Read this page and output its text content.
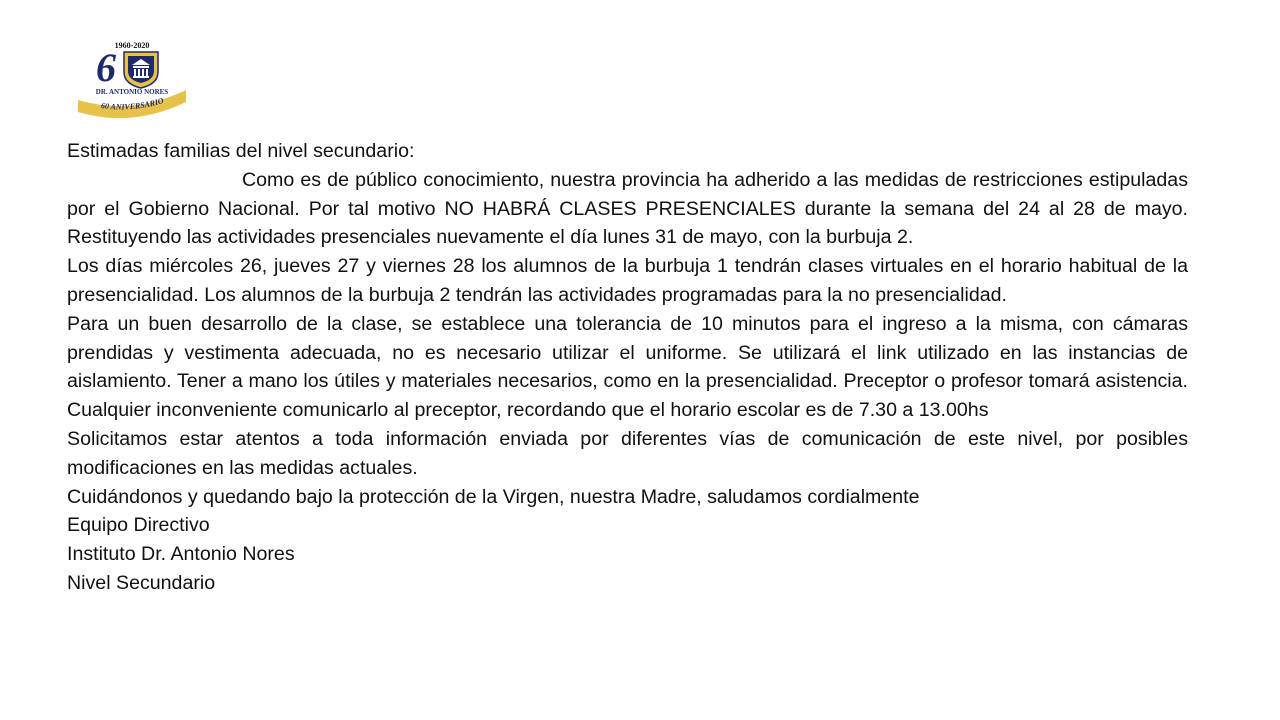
1960-2020
6
DR. ANTONIO NORES
60 ANIVERSARIO

Estimadas familias del nivel secundario:

Como es de público conocimiento, nuestra provincia ha adherido a las medidas de restricciones estipuladas por el Gobierno Nacional. Por tal motivo NO HABRÁ CLASES PRESENCIALES durante la semana del 24 al 28 de mayo. Restituyendo las actividades presenciales nuevamente el día lunes 31 de mayo, con la burbuja 2.

Los días miércoles 26, jueves 27 y viernes 28 los alumnos de la burbuja 1 tendrán clases virtuales en el horario habitual de la presencialidad. Los alumnos de la burbuja 2 tendrán las actividades programadas para la no presencialidad.

Para un buen desarrollo de la clase, se establece una tolerancia de 10 minutos para el ingreso a la misma, con cámaras prendidas y vestimenta adecuada, no es necesario utilizar el uniforme. Se utilizará el link utilizado en las instancias de aislamiento. Tener a mano los útiles y materiales necesarios, como en la presencialidad. Preceptor o profesor tomará asistencia. Cualquier inconveniente comunicarlo al preceptor, recordando que el horario escolar es de 7.30 a 13.00hs

Solicitamos estar atentos a toda información enviada por diferentes vías de comunicación de este nivel, por posibles modificaciones en las medidas actuales.

Cuidándonos y quedando bajo la protección de la Virgen, nuestra Madre, saludamos cordialmente

Equipo Directivo

Instituto Dr. Antonio Nores

Nivel Secundario
